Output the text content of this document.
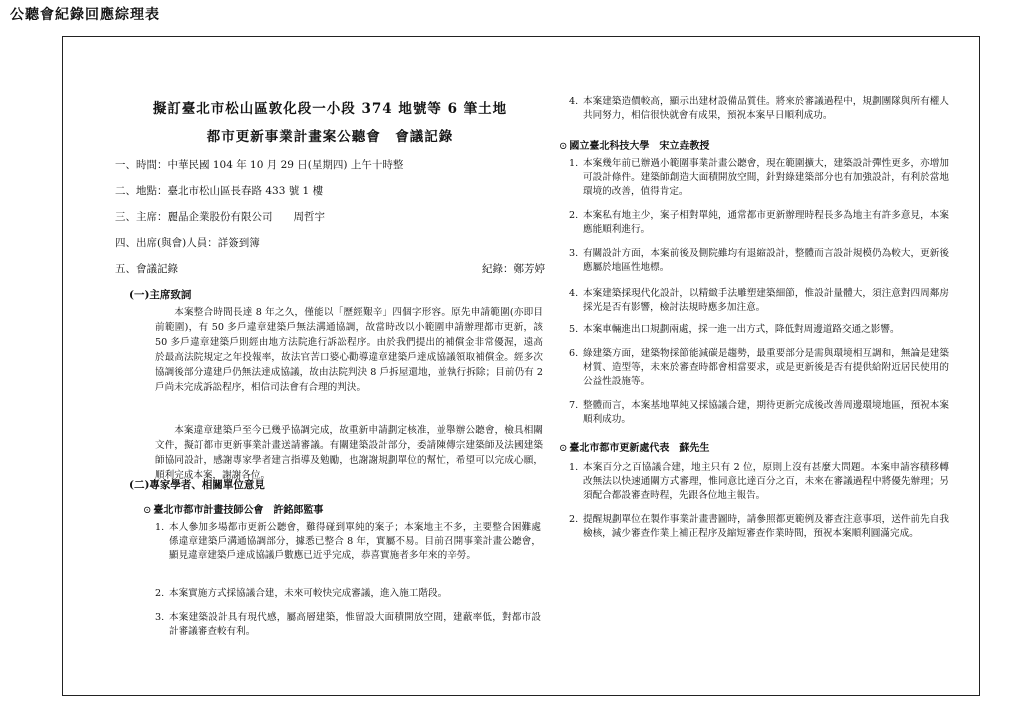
公聽會紀錄回應綜理表
擬訂臺北市松山區敦化段一小段 374 地號等 6 筆土地
都市更新事業計畫案公聽會　會議記錄
一、時間：中華民國 104 年 10 月 29 日(星期四) 上午十時整
二、地點：臺北市松山區長春路 433 號 1 樓
三、主席：麗晶企業股份有限公司　　周哲宇
四、出席(與會)人員：詳簽到簿
五、會議記錄	紀錄：鄭芳婷
(一)主席致詞
本案整合時間長達 8 年之久，僅能以「歷經艱辛」四個字形容。原先申請範圍(亦即目前範圍)，有 50 多戶違章建築戶無法溝通協調，故當時改以小範圍申請辦理都市更新，該 50 多戶違章建築戶則經由地方法院進行訴訟程序。由於我們提出的補償金非常優渥，遠高於最高法院規定之年投報率，故法官苦口婆心勸導違章建築戶達成協議領取補償金。經多次協調後部分違建戶仍無法達成協議，故由法院判決 8 戶拆屋還地，並執行拆除；目前仍有 2 戶尚未完成訴訟程序，相信司法會有合理的判決。
本案違章建築戶至今已幾乎協調完成，故重新申請劃定核准，並舉辦公聽會，檢具相關文件，擬訂都市更新事業計畫送請審議。有關建築設計部分，委請陳傳宗建築師及法國建築師協同設計，感謝專家學者建言指導及勉勵，也謝謝規劃單位的幫忙，希望可以完成心願，順利完成本案，謝謝各位。
(二)專家學者、相關單位意見
⊙ 臺北市都市計畫技師公會　許銘郎監事
1. 本人參加多場都市更新公聽會，難得碰到單純的案子；本案地主不多，主要整合困難處係違章建築戶溝通協調部分，據悉已整合 8 年，實屬不易。目前召開事業計畫公聽會，顯見違章建築戶達成協議戶數應已近乎完成，恭喜實施者多年來的辛勞。
2. 本案實施方式採協議合建，未來可較快完成審議，進入施工階段。
3. 本案建築設計具有現代感，屬高層建築，惟留設大面積開放空間，建蔽率低，對都市設計審議審查較有利。
4. 本案建築造價較高，顯示出建材設備品質佳。將來於審議過程中，規劃團隊與所有權人共同努力，相信很快就會有成果，預祝本案早日順利成功。
⊙ 國立臺北科技大學　宋立垚教授
1. 本案幾年前已辦過小範圍事業計畫公聽會，現在範圍擴大，建築設計彈性更多，亦增加可設計條件。建築師創造大面積開放空間，針對綠建築部分也有加強設計，有利於當地環境的改善，值得肯定。
2. 本案私有地主少，案子相對單純，通常都市更新辦理時程長多為地主有許多意見，本案應能順利進行。
3. 有關設計方面，本案前後及側院雖均有退縮設計，整體而言設計規模仍為較大，更新後應屬於地區性地標。
4. 本案建築採現代化設計，以精緻手法雕塑建築細節，惟設計量體大，須注意對四周鄰房採光是否有影響，檢討法規時應多加注意。
5. 本案車輛進出口規劃兩處，採一進一出方式，降低對周邊道路交通之影響。
6. 綠建築方面，建築物採節能減碳是趨勢，最重要部分是需與環境相互調和，無論是建築材質、造型等，未來於審查時都會相當要求，或是更新後是否有提供給附近居民使用的公益性設施等。
7. 整體而言，本案基地單純又採協議合建，期待更新完成後改善周邊環境地區，預祝本案順利成功。
⊙ 臺北市都市更新處代表　蘇先生
1. 本案百分之百協議合建，地主只有 2 位，原則上沒有甚麼大問題。本案申請容積移轉改無法以快速通關方式審理，惟同意比達百分之百，未來在審議過程中將優先辦理；另須配合都設審查時程，先跟各位地主報告。
2. 提醒規劃單位在製作事業計畫書圖時，請參照都更範例及審查注意事項，送件前先自我檢核，減少審查作業上補正程序及縮短審查作業時間，預祝本案順利圓滿完成。
